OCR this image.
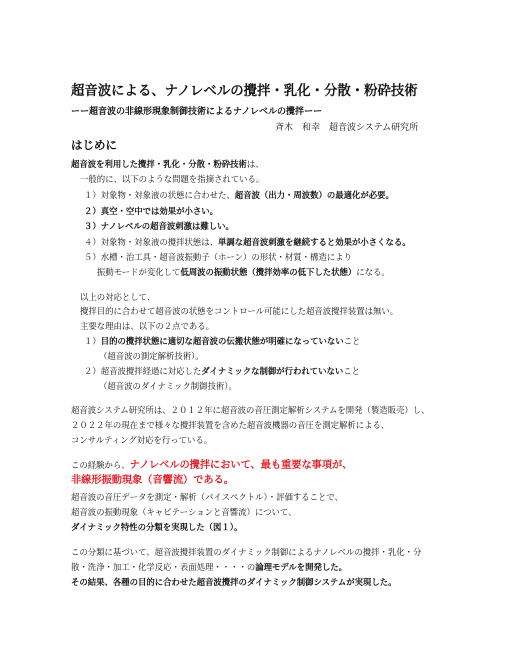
超音波による、ナノレベルの攪拌・乳化・分散・粉砕技術
ーー超音波の非線形現象制御技術によるナノレベルの攪拌ーー
斉木　和幸　超音波システム研究所
はじめに
超音波を利用した攪拌・乳化・分散・粉砕技術は、
一般的に、以下のような問題を指摘されている。
１）対象物・対象液の状態に合わせた、超音波（出力・周波数）の最適化が必要。
２）真空・空中では効果が小さい。
３）ナノレベルの超音波刺激は難しい。
４）対象物・対象液の攪拌状態は、単調な超音波刺激を継続すると効果が小さくなる。
５）水槽・治工具・超音波振動子（ホーン）の形状・材質・構造により
振動モードが変化して低周波の振動状態（攪拌効率の低下した状態）になる。
以上の対応として、
攪拌目的に合わせて超音波の状態をコントロール可能にした超音波攪拌装置は無い。
主要な理由は、以下の２点である。
１）目的の攪拌状態に適切な超音波の伝搬状態が明確になっていないこと
（超音波の測定解析技術）。
２）超音波攪拌経過に対応したダイナミックな制御が行われていないこと
（超音波のダイナミック制御技術）。
超音波システム研究所は、２０１２年に超音波の音圧測定解析システムを開発（製造販売）し、
２０２２年の現在まで様々な攪拌装置を含めた超音波機器の音圧を測定解析による、
コンサルティング対応を行っている。
この経験から、ナノレベルの攪拌において、最も重要な事項が、
非線形振動現象（音響流）である。
超音波の音圧データを測定・解析（パイスペクトル）・評価することで、
超音波の振動現象（キャビテーションと音響流）について、
ダイナミック特性の分類を実現した（図１）。
この分類に基づいて、超音波攪拌装置のダイナミック制御によるナノレベルの攪拌・乳化・分
散・洗浄・加工・化学反応・表面処理・・・・の論理モデルを開発した。
その結果、各種の目的に合わせた超音波攪拌のダイナミック制御システムが実現した。
